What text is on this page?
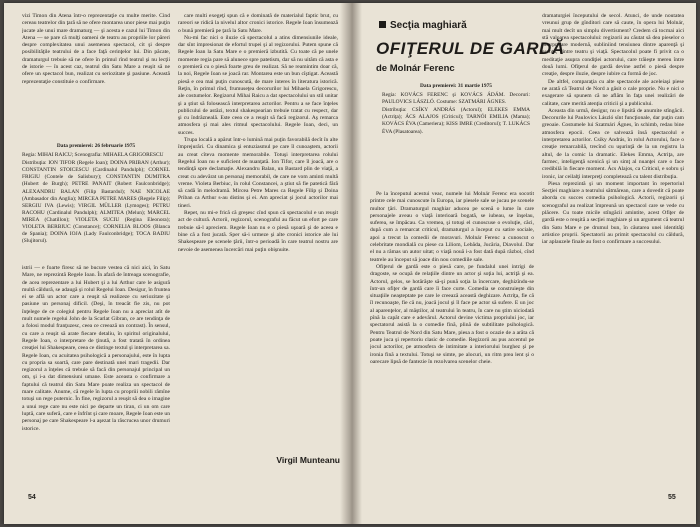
vizi Timon din Atena într-o reprezentaţie cu multe merite. Cind cereau teatrelor din ţară să ne ofere montarea unor piese mai puţin jucate ale unui mare dramaturg — şi acesta e cazul lui Timon din Atena — se pare că mulţi oameni de teatru au propriile lor păreri despre complexitatea unui asemenea spectacol, cit şi despre posibilităţile teatrului de a face faţă cerinţelor lui. Din păcate, dramaturgul trebuie să ne ofere în primul rînd teatrul şi nu lecţii de istorie — în acest caz, teatrul din Satu Mare a reuşit să ne ofere un spectacol bun, realizat cu seriozitate şi pasiune. Această reprezentaţie constituie o confirmare.

Data premierei: 26 februarie 1975

Regia: MIHAI RAICU; Scenografia: MIHAELA GRIGORESCU

Distribuţia: ION TIFOR (Regele Ioan); DOINA PRIBAN (Arthur); CONSTANTIN STOICESCU (Cardinalul Pandulph); CORNEL FRIGIU (Contele de Salisbury); CONSTANTIN DUMITRA (Hubert de Burgh); PETRE PANAIT (Robert Faulconbridge); ALEXANDRU BALAN (Filip Bastardul); NAE NICOLAE (Ambasador din Anglia); MIRCEA PETRE MARES (Regele Filip); SERGIU IVA (Lewis); VIRGIL MÜLLER (Lymoges); PETRU RACOHU (Cardinalul Pandulph); ALMITEA (Melun); MARCEL MIREA (Chatillon); VIOLETA SUCIU (Regina Eleonora); VIOLETA BERBIUC (Constance); CORNELIA BLOOS (Blanca de Spania); DOINA IOJA (Lady Faulconbridge); TOCA BADIU (Slujitorul).

istrii — e foarte firesc să ne bucure vestea că nici aici, în Satu Mare, ne reprezintă Regele Ioan. În afară de întreaga scenografie, de acea reprezentare a lui Hubert şi a lui Arthur care le asigură multă căldură, se adaugă şi rolul Regelui Ioan. Desigur, în fruntea ei se află un actor care a reuşit să realizeze cu seriozitate şi pasiune un personaj dificil. (Deşi, în treacăt fie zis, nu pot înţelege de ce colegiul pentru Regele Ioan nu a apreciat atît de mult numele regelui John de la Scarlat Gibran, ce are tendinţa de a folosi modul franţuzesc, ceea ce creează un contrast). În sensul, cu care a reuşit să arate fiecare detaliu, în spiritul originalului, Regele Ioan, o interpretare de ţinută, a fost tratată în ordinea creaţiei lui Shakespeare, ceea ce distinge textul şi interpretarea sa. Regele Ioan, cu acuitatea psihologică a personajului, este în lupta cu propria sa soartă, care pare destinată unei mari tragedii. Dar regizorul a înţeles că trebuie să facă din personajul principal un om, şi i-a dat dimensiuni umane. Este aceasta o confirmare a faptului că teatrul din Satu Mare poate realiza un spectacol de mare calitate. Anume, că regele în lupta cu propriii nobili rămîne totuşi un rege puternic. În fine, regizorul a reuşit să dea o imagine a unui rege care nu este nici pe departe un tiran, ci un om care luptă, care suferă, care e înfrînt şi care moare, Regele Ioan este un personaj pe care Shakespeare l-a aşezat la răscrucea unor drumuri istorice.

care multi exegeţi spun că e dominată de materialul faptic brut, cu rareori se ridică la nivelul altor cronici istorice. Regele Ioan însumează o bună premieră pe ţară la Satu Mare.

Nu-mi fac nici o iluzie că spectacolul a atins dimensiunile ideale, dar sînt impresionat de efortul trupei şi al regizorului. Putem spune că Regele Ioan la Satu Mare e o premieră izbutită. Cu toate că pe unele momente regia pare să alunece spre patetism, dar să nu uităm că asta e o premieră cu o piesă foarte greu de realizat. Să ne reamintim doar că, la noi, Regele Ioan se joacă rar. Montarea este un bun cîştigat. Această piesă e cea mai puţin cunoscută, de mare interes în literatura istorică. Reţin, în primul rînd, frumuseţea decorurilor lui Mihaela Grigorescu, ale costumelor. Regizorul Mihai Raicu a dat spectacolului un stil unitar şi a ştiut să folosească interpretarea actorilor. Pentru a se face înţeles publicului de astăzi, textul shakespearian trebuie tratat cu respect, dar şi cu îndrăzneală. Este ceea ce a reuşit să facă regizorul. Aş remarca atmosfera şi mai ales ritmul spectacolului. Regele Ioan, deci, un succes.

Trupa locală a apărut într-o lumină mai puţin favorabilă decît în alte împrejurări. Cu dinamica şi entuziasmul pe care îl cunoaştem, actorii au creat cîteva momente memorabile. Totuşi interpretarea rolului Regelui Ioan nu e suficient de nuanţată. Ion Tifor, care îl joacă, are o tendinţă spre declamaţie. Alexandru Balan, un Bastard plin de viaţă, a creat cu adevărat un personaj memorabil, de care ne vom aminti multă vreme. Violeta Berbiuc, în rolul Constancei, a ştiut să fie patetică fără să cadă în melodramă. Mircea Petre Mares ca Regele Filip şi Doina Priban ca Arthur s-au distins şi ei. Am apreciat şi jocul actorilor mai tineri.

Repet, nu mi-e frică că greşesc cînd spun că spectacolul e un reuşit act de cultură. Actorii, regizorul, scenograful au făcut un efort pe care trebuie să-l apreciem. Regele Ioan nu e o piesă uşoară şi de aceea e bine că a fost jucată. Sper să-i urmeze şi alte cronici istorice ale lui Shakespeare pe scenele ţării, într-o perioadă în care teatrul nostru are nevoie de asemenea încercări mai puţin obişnuite.

Virgil Munteanu
54
Secţia maghiară
OFIŢERUL DE GARDĂ
de Molnár Ferenc

Data premierei: 31 martie 1975

Regia: KOVÁCS FERENC şi KOVÁCS ÁDÁM. Decoruri: PAULOVICS LÁSZLÓ. Costume: SZATMÁRI ÁGNES.

Distribuţia: CSÍKY ANDRÁS (Actorul); ELEKES EMMA (Actriţa); ÁCS ALAJOS (Criticul); TARNÓI EMILIA (Mama); KOVÁCS ÉVA (Cameriera); KISS IMRE (Creditorul); T. LUKÁCS ÉVA (Plasatoarea).

Pe la începutul acestui veac, numele lui Molnár Ferenc era socotit printre cele mai cunoscute în Europa, iar piesele sale se jucau pe scenele multor ţări. Dramaturgul maghiar aducea pe scenă o lume în care personajele aveau o viaţă interioară bogată, se iubeau, se înşelau, suferea, se împăcau. Ca vremea, şi totuşi el cunoscuse o evoluţie, căci, după cum a remarcat criticul, dramaturgul a început cu satire sociale, apoi a trecut la comedii de moravuri. Molnár Ferenc a cunoscut o celebritate mondială cu piese ca Liliom, Lebăda, Jucăria, Diavolul. Dar el nu a rămas un autor uitat; o viaţă nouă i-a fost dată după război, cînd teatrele au început să joace din nou comediile sale.

Ofiţerul de gardă este o piesă care, pe fundalul unei intrigi de dragoste, se ocupă de relaţiile dintre un actor şi soţia lui, actriţă şi ea. Actorul, gelos, se hotărăşte să-şi pună soţia la încercare, deghizîndu-se într-un ofiţer de gardă care îi face curte. Comedia se construieşte din situaţiile neaşteptate pe care le creează această deghizare. Actriţa, fie că îl recunoaşte, fie că nu, joacă jocul şi îl face pe actor să sufere. E un joc al aparenţelor, al măştilor, al teatrului în teatru, în care nu ştim niciodată pînă la capăt care e adevărul. Actorul devine victima propriului joc, iar spectatorul asistă la o comedie fină, plină de subtilitate psihologică. Pentru Teatrul de Nord din Satu Mare, piesa a fost o ocazie de a arăta că poate juca şi repertoriu clasic de comedie. Regizorii au pus accentul pe jocul actorilor, pe atmosfera de intimitate a interiorului burghez şi pe ironia fină a textului. Totuşi se simte, pe alocuri, un ritm prea lent şi o oarecare lipsă de fantezie în rezolvarea scenelor cheie.

dramaturgiei începutului de secol. Atunci, de unde noutatea vreunui grup de gînditori care să caute, în opera lui Molnár, mai mult decît un simplu divertisment? Credem că tocmai aici stă valoarea spectacolului: regizorii au căutat să dea pieselor o interpretare modernă, subliniind tensiunea dintre aparenţă şi esenţă, dintre teatru şi viaţă. Spectacolul poate fi privit ca o meditaţie asupra condiţiei actorului, care trăieşte mereu între două lumi. Ofiţerul de gardă devine astfel o piesă despre creaţie, despre iluzie, despre iubire ca formă de joc.

De altfel, comparaţia cu alte spectacole ale aceleiaşi piese ne arată că Teatrul de Nord a găsit o cale proprie. Nu e nici o exagerare să spunem că ne aflăm în faţa unei realizări de calitate, care merită atenţia criticii şi a publicului.

Aceasta din urmă, desigur, nu e lipsită de anumite stîngăcii. Decorurile lui Paulovics László sînt funcţionale, dar puţin cam greoaie. Costumele lui Szatmári Ágnes, în schimb, redau bine atmosfera epocii. Ceea ce salvează însă spectacolul e interpretarea actorilor. Csíky András, în rolul Actorului, face o creaţie remarcabilă, trecînd cu uşurinţă de la un registru la altul, de la comic la dramatic. Elekes Emma, Actriţa, are farmec, inteligenţă scenică şi un simţ al nuanţei care o face credibilă în fiecare moment. Ács Alajos, ca Criticul, e sobru şi ironic, iar ceilalţi interpreţi completează cu talent distribuţia.

Piesa reprezintă şi un moment important în repertoriul Secţiei maghiare a teatrului sătmărean, care a dovedit că poate aborda cu succes comedia psihologică. Actorii, regizorii şi scenograful au realizat împreună un spectacol care se vede cu plăcere. Cu toate micile stîngăcii amintite, acest Ofiţer de gardă este o reuşită a secţiei maghiare şi un argument că teatrul din Satu Mare e pe drumul bun, în căutarea unei identităţi artistice proprii. Spectatorii au primit spectacolul cu căldură, iar aplauzele finale au fost o confirmare a succesului.

55
